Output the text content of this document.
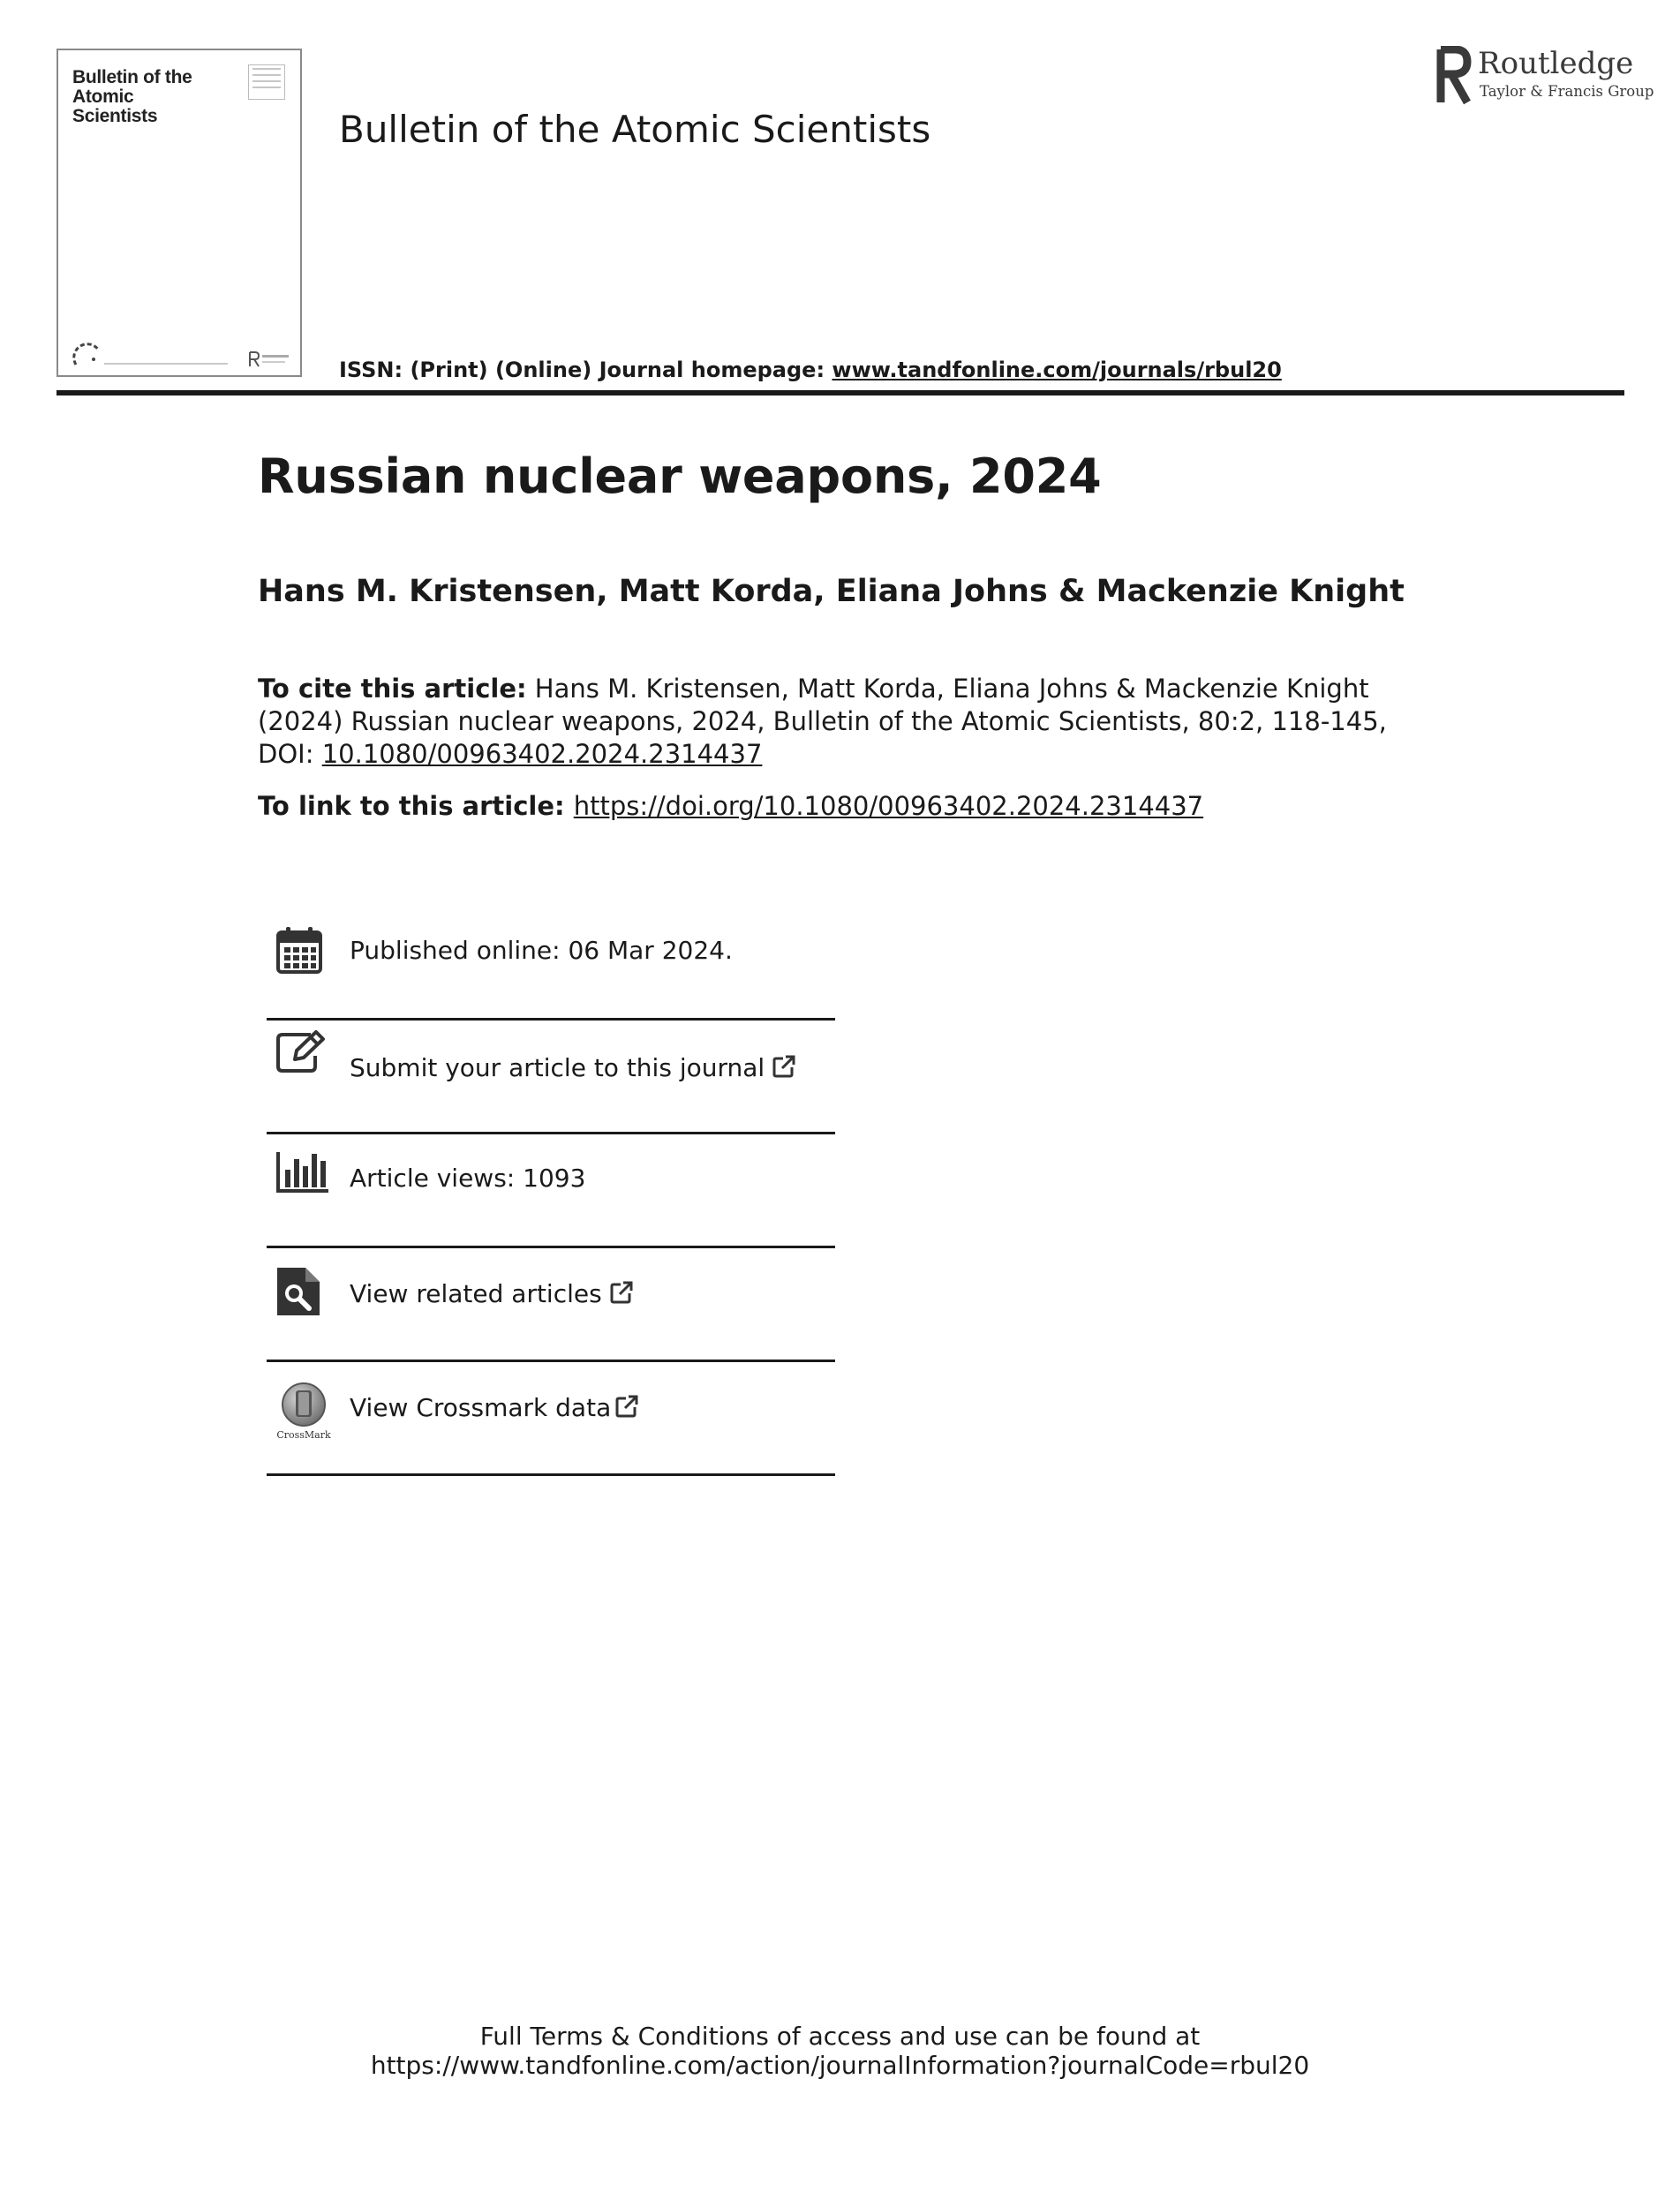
Bulletin of the Atomic Scientists	Bulletin of the Atomic Scientists
ISSN: (Print) (Online) Journal homepage: www.tandfonline.com/journals/rbul20
Routledge
Taylor & Francis Group
Russian nuclear weapons, 2024
Hans M. Kristensen, Matt Korda, Eliana Johns & Mackenzie Knight
To cite this article: Hans M. Kristensen, Matt Korda, Eliana Johns & Mackenzie Knight (2024) Russian nuclear weapons, 2024, Bulletin of the Atomic Scientists, 80:2, 118-145, DOI: 10.1080/00963402.2024.2314437
To link to this article: https://doi.org/10.1080/00963402.2024.2314437
Published online: 06 Mar 2024.
Submit your article to this journal
Article views: 1093
View related articles
CrossMark
View Crossmark data
Full Terms & Conditions of access and use can be found at
https://www.tandfonline.com/action/journalInformation?journalCode=rbul20
